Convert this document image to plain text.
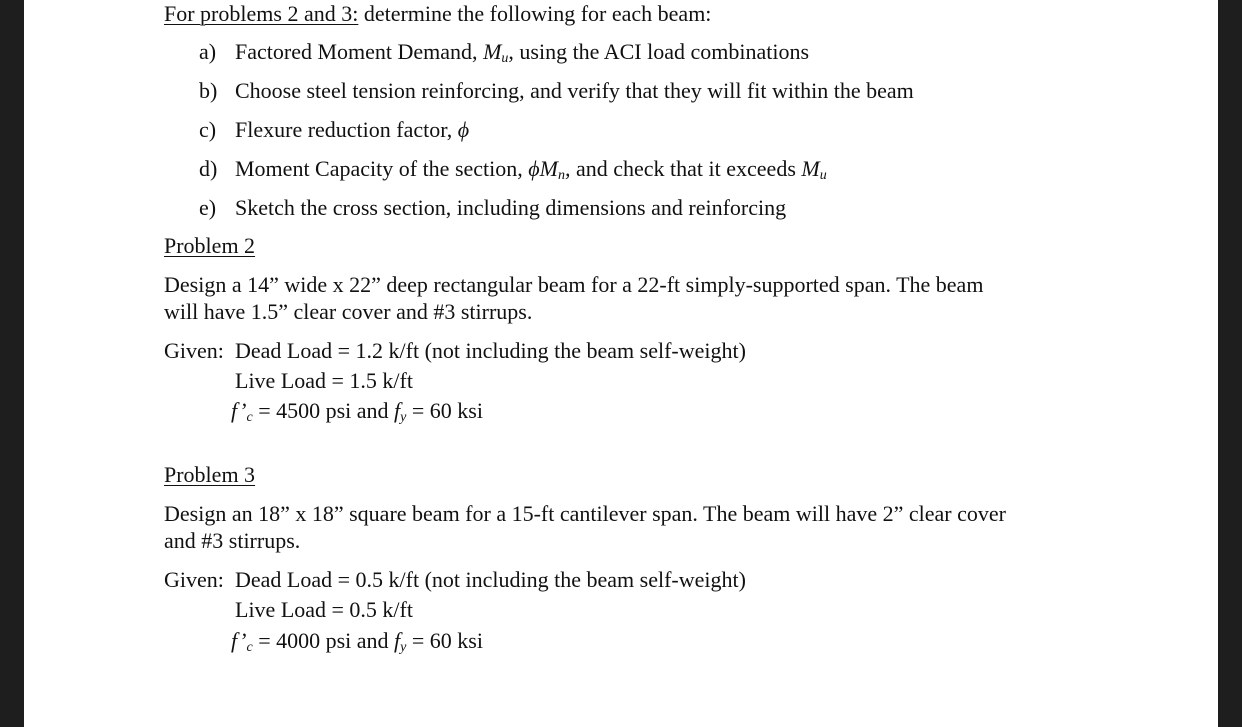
For problems 2 and 3: determine the following for each beam:
a) Factored Moment Demand, $M_u$, using the ACI load combinations
b) Choose steel tension reinforcing, and verify that they will fit within the beam
c) Flexure reduction factor, ϕ
d) Moment Capacity of the section, $\phi M_n$, and check that it exceeds $M_u$
e) Sketch the cross section, including dimensions and reinforcing
Problem 2
Design a 14” wide x 22” deep rectangular beam for a 22-ft simply-supported span. The beam
will have 1.5” clear cover and #3 stirrups.
Given: Dead Load = 1.2 k/ft (not including the beam self-weight)
Live Load = 1.5 k/ft
$f’_c = 4500$ psi and $f_y = 60$ ksi
Problem 3
Design an 18” x 18” square beam for a 15-ft cantilever span. The beam will have 2” clear cover
and #3 stirrups.
Given: Dead Load = 0.5 k/ft (not including the beam self-weight)
Live Load = 0.5 k/ft
$f’_c = 4000$ psi and $f_y = 60$ ksi
